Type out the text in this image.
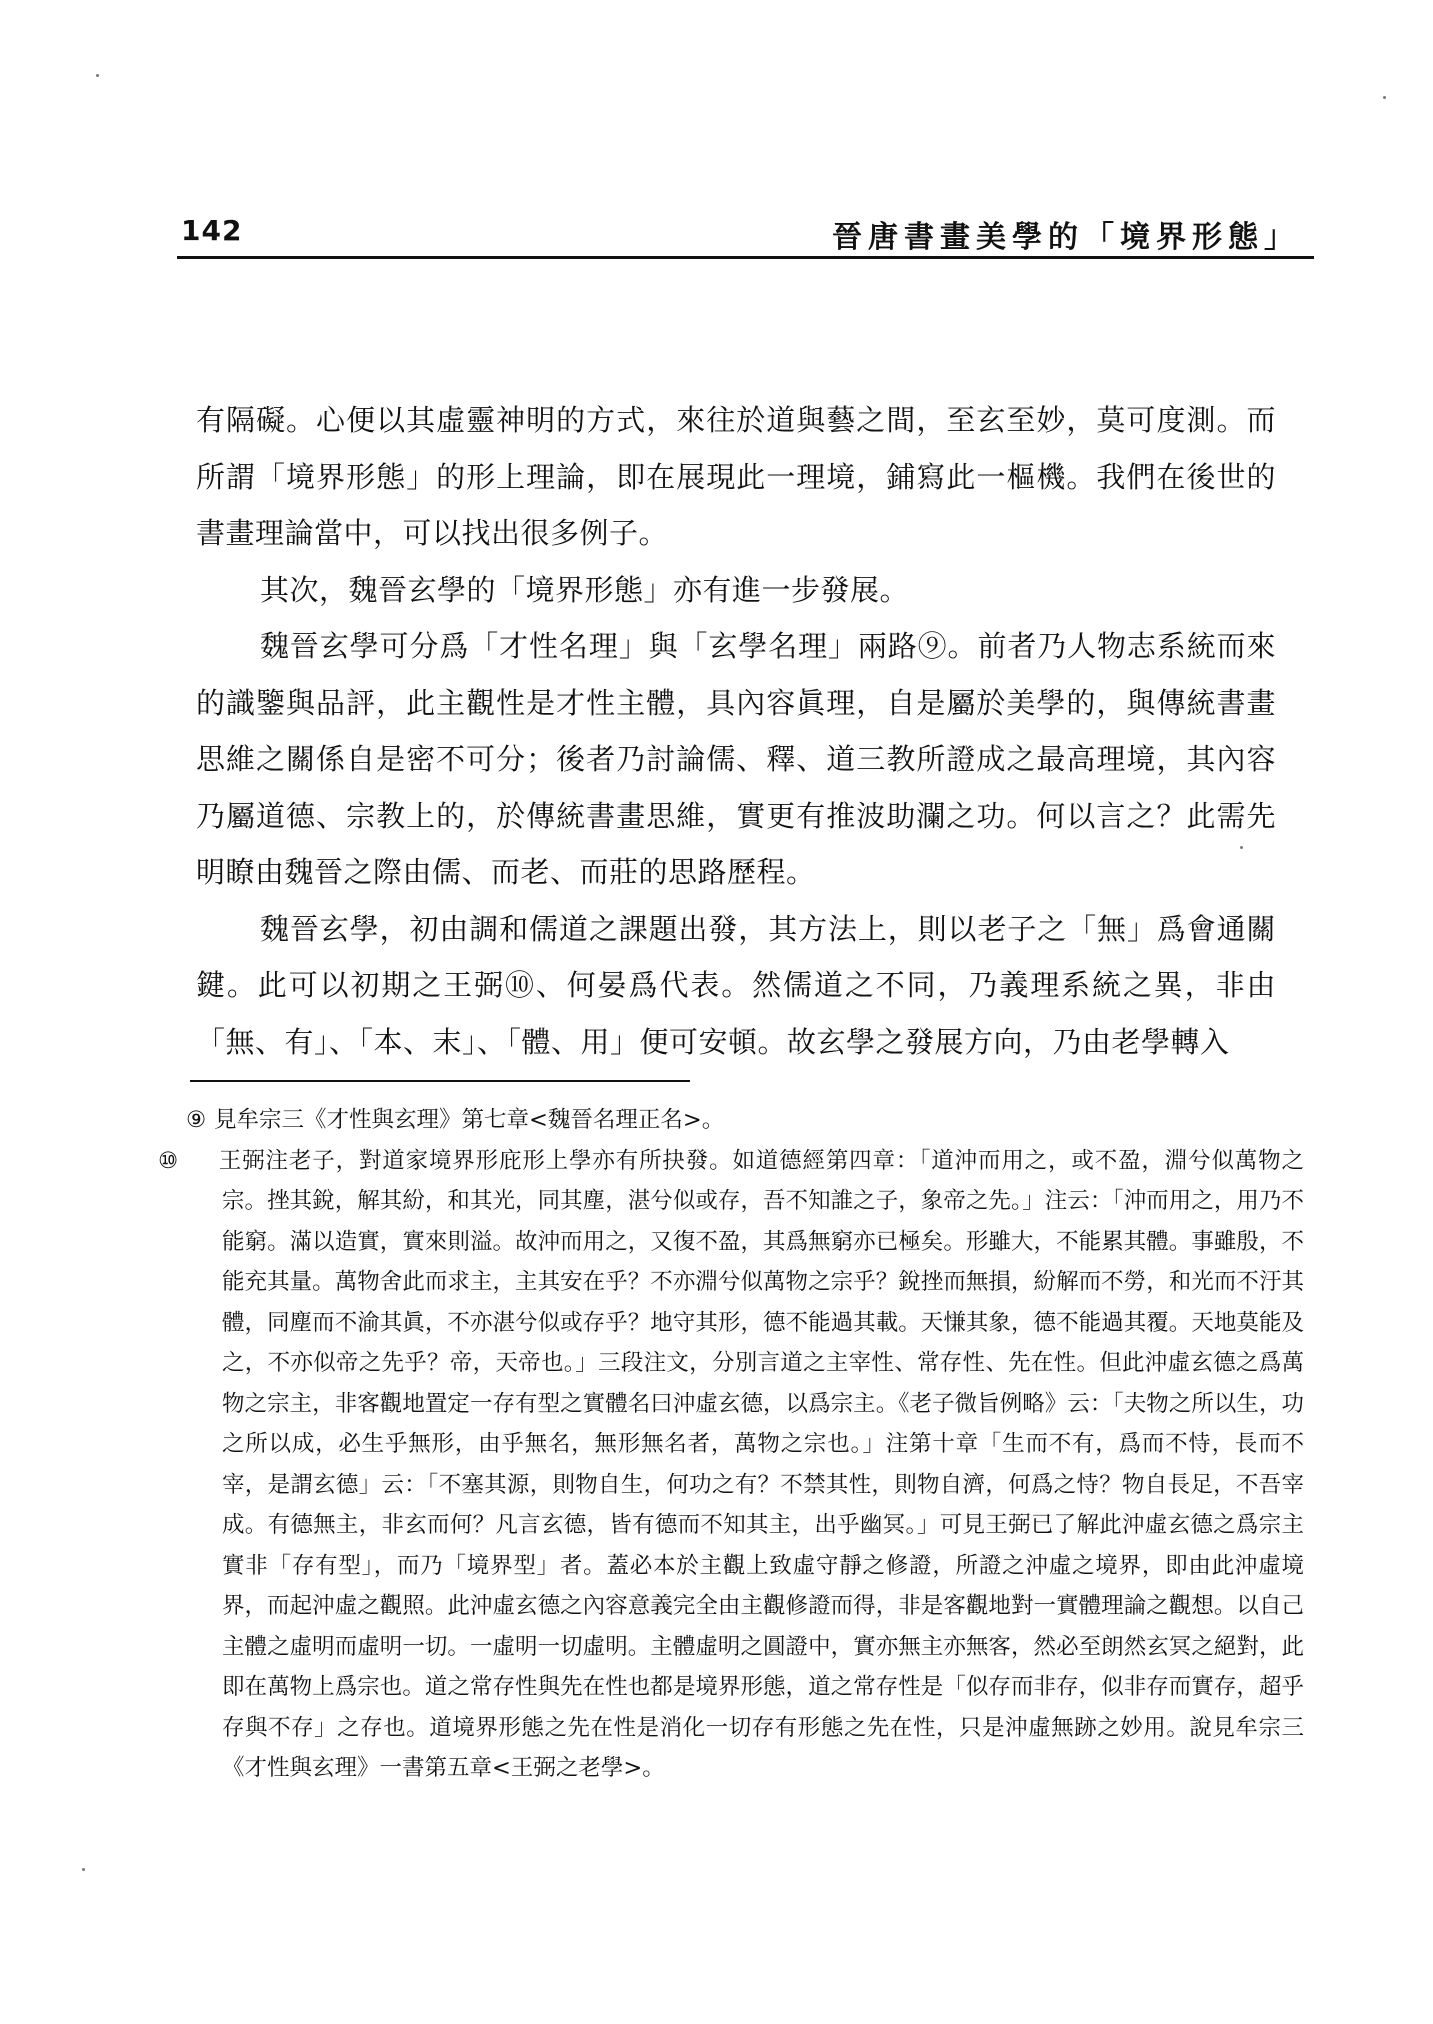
142	晉唐書畫美學的「境界形態」

有隔礙。心便以其虛靈神明的方式，來往於道與藝之間，至玄至妙，莫可度測。而所謂「境界形態」的形上理論，即在展現此一理境，鋪寫此一樞機。我們在後世的書畫理論當中，可以找出很多例子。

其次，魏晉玄學的「境界形態」亦有進一步發展。

魏晉玄學可分爲「才性名理」與「玄學名理」兩路⑨。前者乃人物志系統而來的識鑒與品評，此主觀性是才性主體，具內容眞理，自是屬於美學的，與傳統書畫思維之關係自是密不可分；後者乃討論儒、釋、道三教所證成之最高理境，其內容乃屬道德、宗教上的，於傳統書畫思維，實更有推波助瀾之功。何以言之？此需先明瞭由魏晉之際由儒、而老、而莊的思路歷程。

魏晉玄學，初由調和儒道之課題出發，其方法上，則以老子之「無」爲會通關鍵。此可以初期之王弼⑩、何晏爲代表。然儒道之不同，乃義理系統之異，非由「無、有」、「本、末」、「體、用」便可安頓。故玄學之發展方向，乃由老學轉入

⑨ 見牟宗三《才性與玄理》第七章<魏晉名理正名>。

⑩ 王弼注老子，對道家境界形庇形上學亦有所抉發。如道德經第四章：「道沖而用之，或不盈，淵兮似萬物之宗。挫其銳，解其紛，和其光，同其塵，湛兮似或存，吾不知誰之子，象帝之先。」注云：「沖而用之，用乃不能窮。滿以造實，實來則溢。故沖而用之，又復不盈，其爲無窮亦已極矣。形雖大，不能累其體。事雖殷，不能充其量。萬物舍此而求主，主其安在乎？不亦淵兮似萬物之宗乎？銳挫而無損，紛解而不勞，和光而不汙其體，同塵而不渝其眞，不亦湛兮似或存乎？地守其形，德不能過其載。天慊其象，德不能過其覆。天地莫能及之，不亦似帝之先乎？帝，天帝也。」三段注文，分別言道之主宰性、常存性、先在性。但此沖虛玄德之爲萬物之宗主，非客觀地置定一存有型之實體名曰沖虛玄德，以爲宗主。《老子微旨例略》云：「夫物之所以生，功之所以成，必生乎無形，由乎無名，無形無名者，萬物之宗也。」注第十章「生而不有，爲而不恃，長而不宰，是謂玄德」云：「不塞其源，則物自生，何功之有？不禁其性，則物自濟，何爲之恃？物自長足，不吾宰成。有德無主，非玄而何？凡言玄德，皆有德而不知其主，出乎幽冥。」可見王弼已了解此沖虛玄德之爲宗主實非「存有型」，而乃「境界型」者。蓋必本於主觀上致虛守靜之修證，所證之沖虛之境界，即由此沖虛境界，而起沖虛之觀照。此沖虛玄德之內容意義完全由主觀修證而得，非是客觀地對一實體理論之觀想。以自己主體之虛明而虛明一切。一虛明一切虛明。主體虛明之圓證中，實亦無主亦無客，然必至朗然玄冥之絕對，此即在萬物上爲宗也。道之常存性與先在性也都是境界形態，道之常存性是「似存而非存，似非存而實存，超乎存與不存」之存也。道境界形態之先在性是消化一切存有形態之先在性，只是沖虛無跡之妙用。說見牟宗三《才性與玄理》一書第五章<王弼之老學>。
